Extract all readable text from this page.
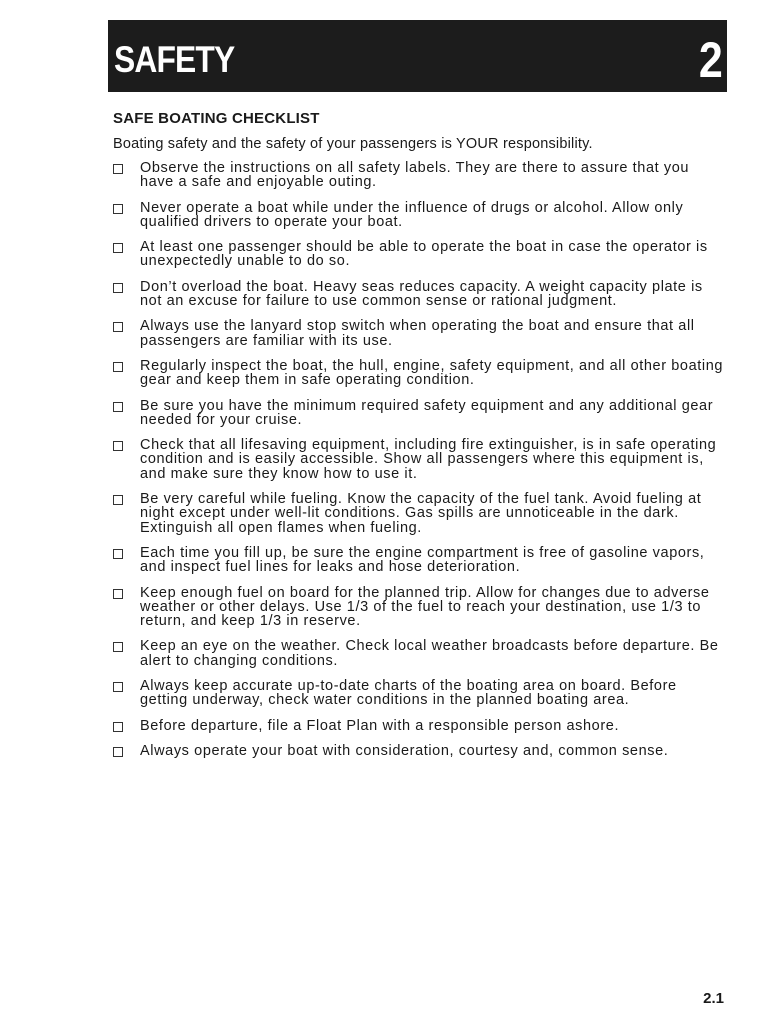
SAFETY	2
SAFE BOATING CHECKLIST
Boating safety and the safety of your passengers is YOUR responsibility.
Observe the instructions on all safety labels. They are there to assure that you have a safe and enjoyable outing.
Never operate a boat while under the influence of drugs or alcohol. Allow only qualified drivers to operate your boat.
At least one passenger should be able to operate the boat in case the operator is unexpectedly unable to do so.
Don’t overload the boat. Heavy seas reduces capacity. A weight capacity plate is not an excuse for failure to use common sense or rational judgment.
Always use the lanyard stop switch when operating the boat and ensure that all passengers are familiar with its use.
Regularly inspect the boat, the hull, engine, safety equipment, and all other boating gear and keep them in safe operating condition.
Be sure you have the minimum required safety equipment and any additional gear needed for your cruise.
Check that all lifesaving equipment, including fire extinguisher, is in safe operating condition and is easily accessible. Show all passengers where this equipment is, and make sure they know how to use it.
Be very careful while fueling. Know the capacity of the fuel tank. Avoid fueling at night except under well-lit conditions. Gas spills are unnoticeable in the dark. Extinguish all open flames when fueling.
Each time you fill up, be sure the engine compartment is free of gasoline vapors, and inspect fuel lines for leaks and hose deterioration.
Keep enough fuel on board for the planned trip. Allow for changes due to adverse weather or other delays. Use 1/3 of the fuel to reach your destination, use 1/3 to return, and keep 1/3 in reserve.
Keep an eye on the weather. Check local weather broadcasts before departure. Be alert to changing conditions.
Always keep accurate up-to-date charts of the boating area on board. Before getting underway, check water conditions in the planned boating area.
Before departure, file a Float Plan with a responsible person ashore.
Always operate your boat with consideration, courtesy and, common sense.
2.1
